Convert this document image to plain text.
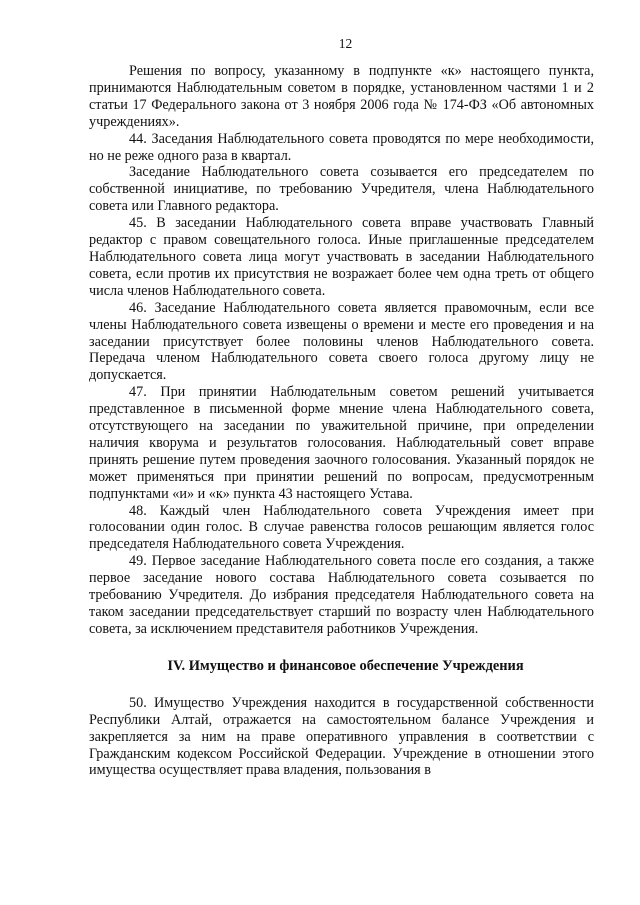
12

Решения по вопросу, указанному в подпункте «к» настоящего пункта, принимаются Наблюдательным советом в порядке, установленном частями 1 и 2 статьи 17 Федерального закона от 3 ноября 2006 года № 174-ФЗ «Об автономных учреждениях».

44. Заседания Наблюдательного совета проводятся по мере необходимости, но не реже одного раза в квартал.

Заседание Наблюдательного совета созывается его председателем по собственной инициативе, по требованию Учредителя, члена Наблюдательного совета или Главного редактора.

45. В заседании Наблюдательного совета вправе участвовать Главный редактор с правом совещательного голоса. Иные приглашенные председателем Наблюдательного совета лица могут участвовать в заседании Наблюдательного совета, если против их присутствия не возражает более чем одна треть от общего числа членов Наблюдательного совета.

46. Заседание Наблюдательного совета является правомочным, если все члены Наблюдательного совета извещены о времени и месте его проведения и на заседании присутствует более половины членов Наблюдательного совета. Передача членом Наблюдательного совета своего голоса другому лицу не допускается.

47. При принятии Наблюдательным советом решений учитывается представленное в письменной форме мнение члена Наблюдательного совета, отсутствующего на заседании по уважительной причине, при определении наличия кворума и результатов голосования. Наблюдательный совет вправе принять решение путем проведения заочного голосования. Указанный порядок не может применяться при принятии решений по вопросам, предусмотренным подпунктами «и» и «к» пункта 43 настоящего Устава.

48. Каждый член Наблюдательного совета Учреждения имеет при голосовании один голос. В случае равенства голосов решающим является голос председателя Наблюдательного совета Учреждения.

49. Первое заседание Наблюдательного совета после его создания, а также первое заседание нового состава Наблюдательного совета созывается по требованию Учредителя. До избрания председателя Наблюдательного совета на таком заседании председательствует старший по возрасту член Наблюдательного совета, за исключением представителя работников Учреждения.

IV. Имущество и финансовое обеспечение Учреждения

50. Имущество Учреждения находится в государственной собственности Республики Алтай, отражается на самостоятельном балансе Учреждения и закрепляется за ним на праве оперативного управления в соответствии с Гражданским кодексом Российской Федерации. Учреждение в отношении этого имущества осуществляет права владения, пользования в
